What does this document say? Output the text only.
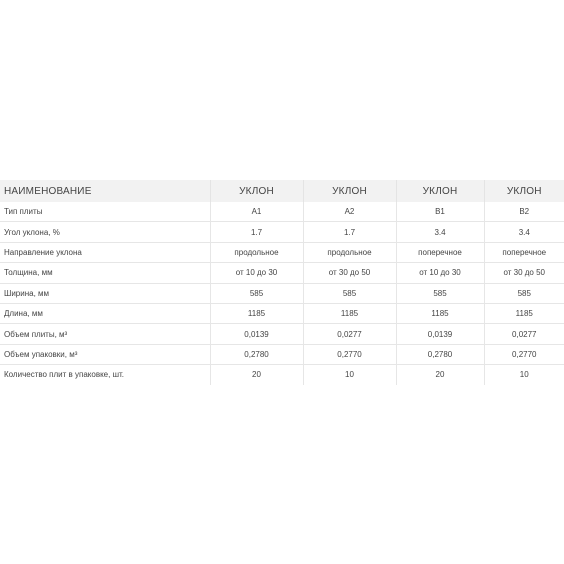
НАИМЕНОВАНИЕ	УКЛОН	УКЛОН	УКЛОН	УКЛОН
Тип плиты	A1	A2	B1	B2
Угол уклона, %	1.7	1.7	3.4	3.4
Направление уклона	продольное	продольное	поперечное	поперечное
Толщина, мм	от 10 до 30	от 30 до 50	от 10 до 30	от 30 до 50
Ширина, мм	585	585	585	585
Длина, мм	1185	1185	1185	1185
Объем плиты, м³	0,0139	0,0277	0,0139	0,0277
Объем упаковки, м³	0,2780	0,2770	0,2780	0,2770
Количество плит в упаковке, шт.	20	10	20	10
